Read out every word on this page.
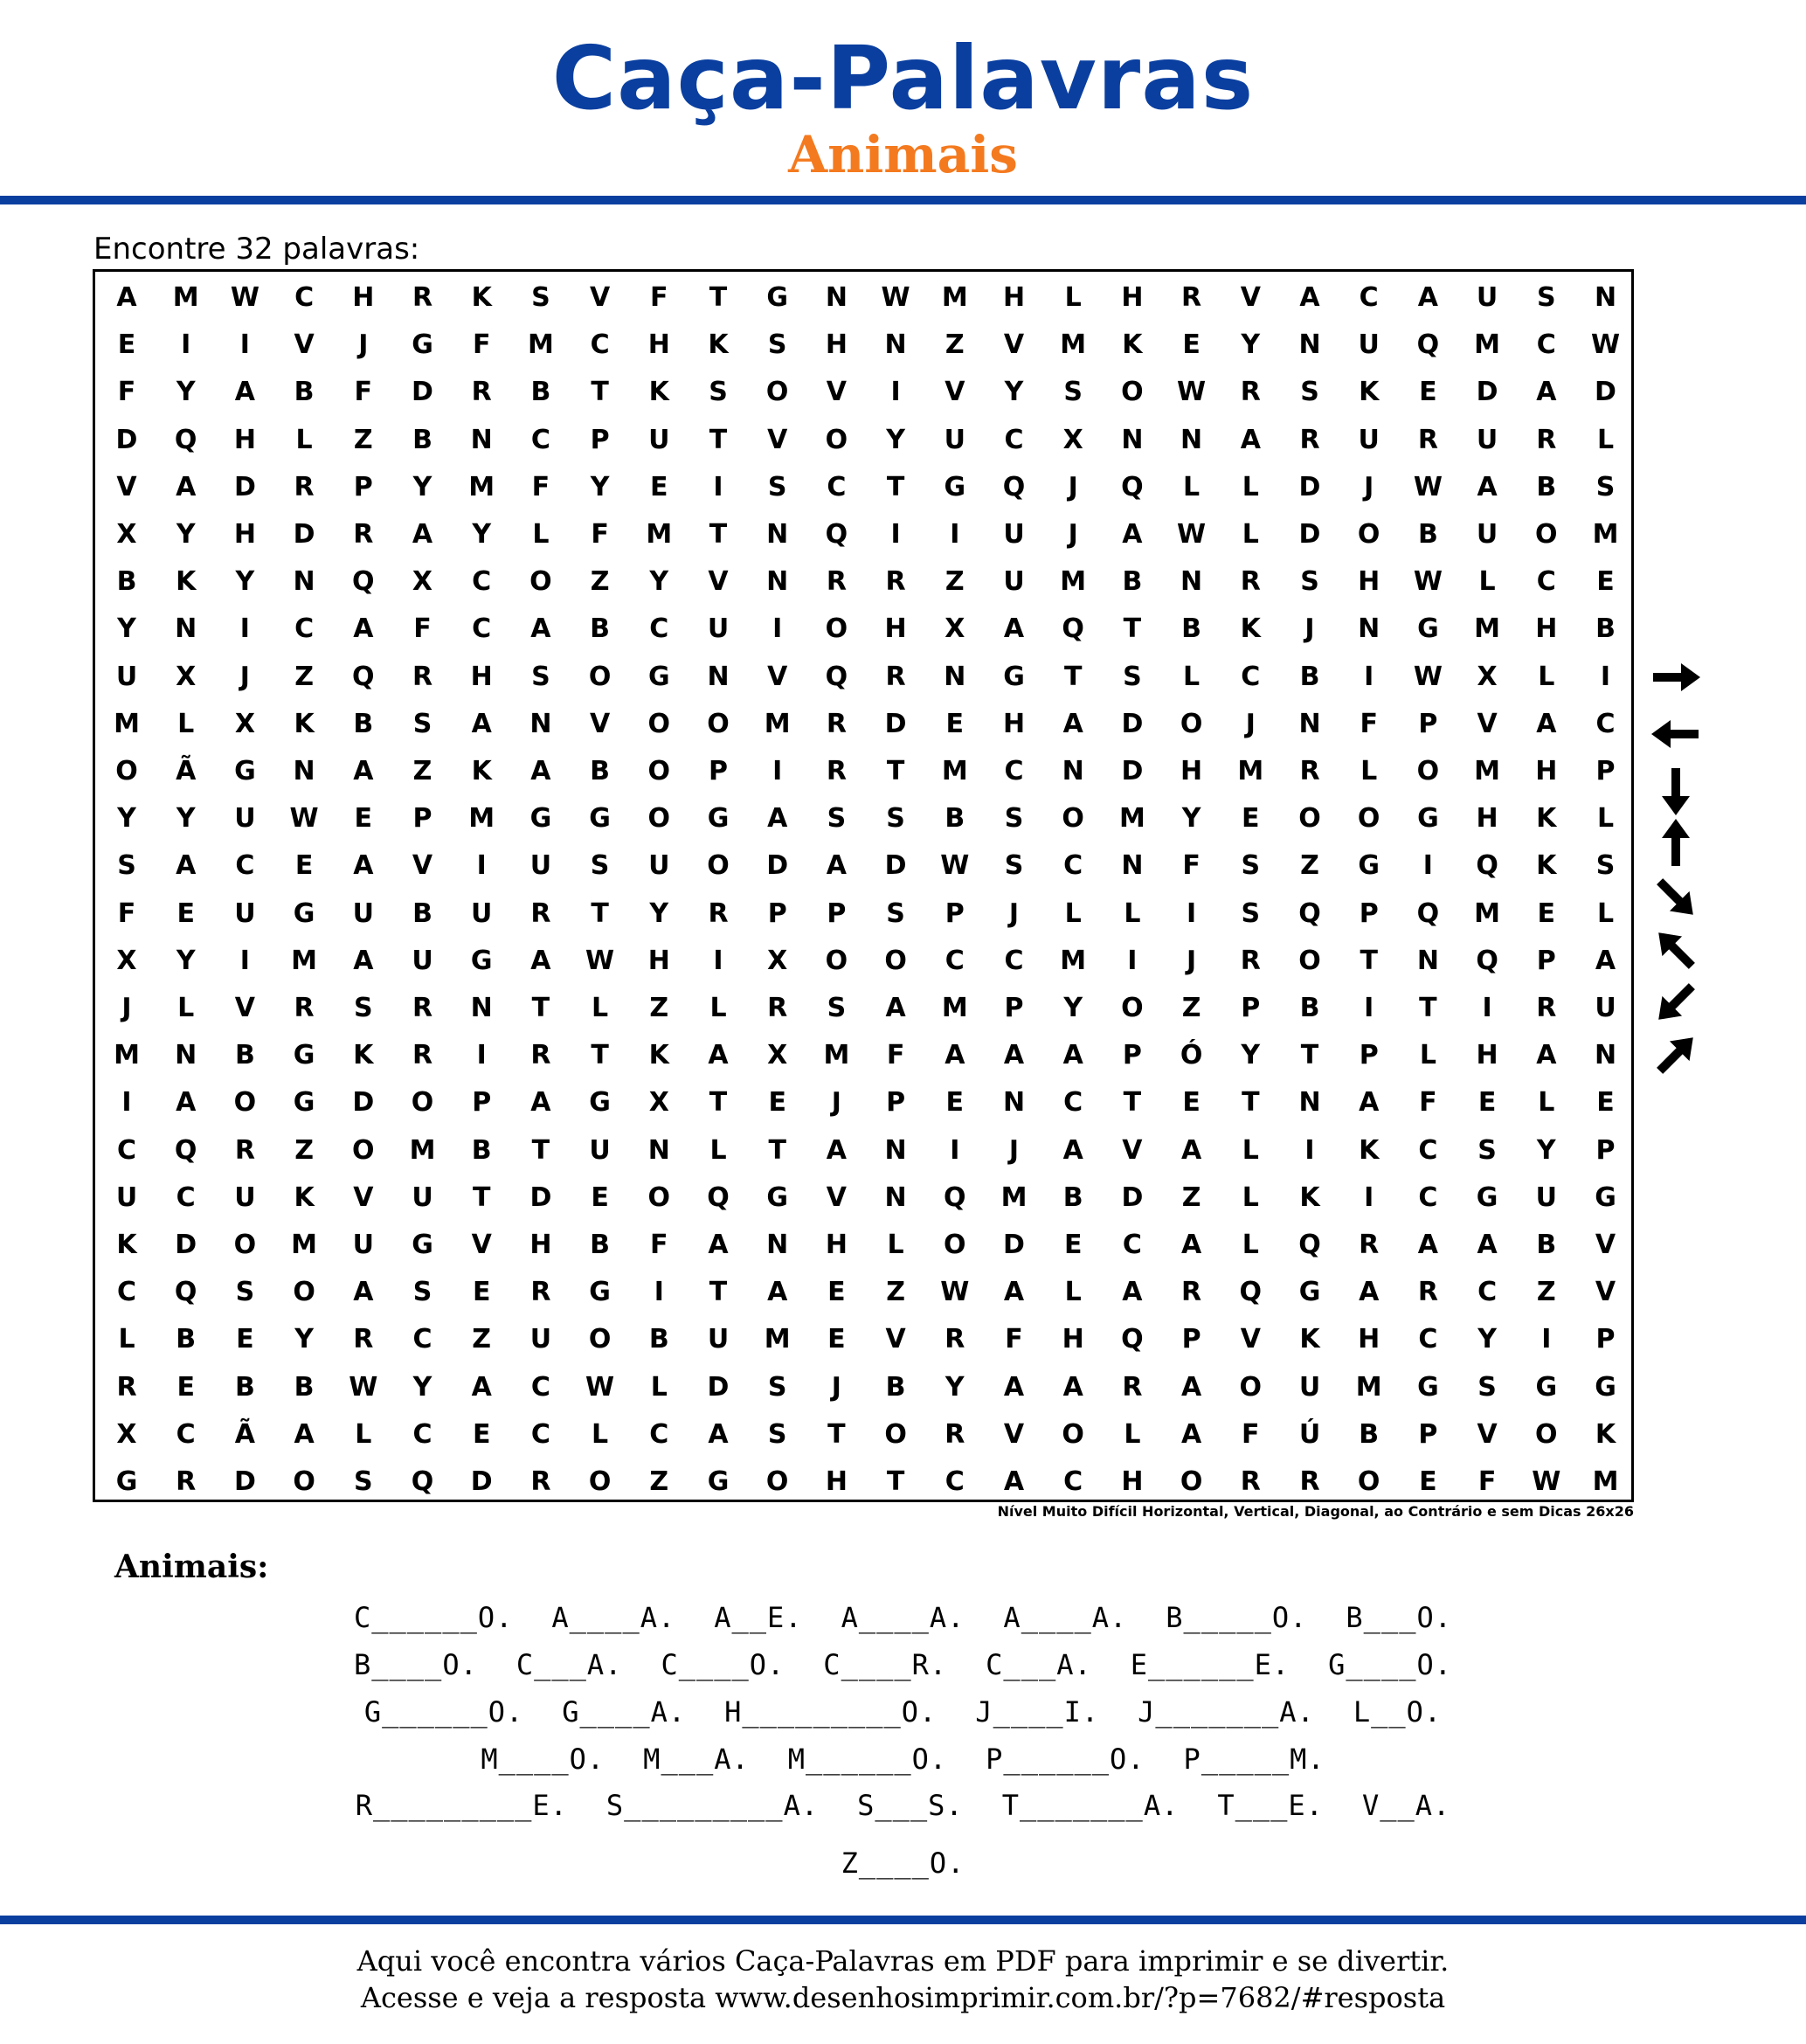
Caça-Palavras
Animais
Encontre 32 palavras:
A M W C H R K	S	V	F	T	G N W M H	L	H R V A C A U	S	N
E	I	I	V	J	G	F	M C H K	S	H N	Z	V M K	E	Y	N U Q M C W
F	Y	A B	F	D R B	T	K	S	O V	I	V	Y	S	O W R	S	K	E	D A D
D Q H	L	Z	B N C	P	U	T	V O	Y	U C X N N A R U R U R	L
V A D R	P	Y	M	F	Y	E	I	S	C	T	G Q	J	Q	L	L	D	J	W A B	S
X	Y	H D R A	Y	L	F	M	T	N Q	I	I	U	J	A W	L	D O B U O M
B K	Y	N Q X C O	Z	Y	V N R R	Z	U M B N R	S	H W	L	C	E
Y	N	I	C A	F	C A B C U	I	O H X A Q	T	B K	J	N G M H B
U X	J	Z	Q R H	S	O G N V Q R N G	T	S	L	C B	I	W X	L	I
M	L	X K B	S	A N V O O M R D	E	H A D O	J	N	F	P	V A C
O Ã G N A	Z	K A B O	P	I	R	T	M C N D H M R	L	O M H	P
Y	Y	U W	E	P	M G G O G A	S	S	B	S	O M	Y	E	O O G H K	L
S	A C	E	A V	I	U	S	U O D A D W	S	C N	F	S	Z	G	I	Q K	S
F	E	U G U B U R	T	Y	R	P	P	S	P	J	L	L	I	S	Q	P	Q M	E	L
X	Y	I	M A U G A W H	I	X O O C C M	I	J	R O	T	N Q	P	A
J	L	V R	S	R N	T	L	Z	L	R	S	A M	P	Y	O	Z	P	B	I	T	I	R U
M N B G K R	I	R	T	K A X M	F	A A A	P	Ó	Y	T	P	L	H A N
I	A O G D O	P	A G X	T	E	J	P	E	N C	T	E	T	N A	F	E	L	E
C Q R	Z	O M B	T	U N	L	T	A N	I	J	A V A	L	I	K C	S	Y	P
U C U K V U	T	D	E	O Q G V N Q M B D	Z	L	K	I	C G U G
K D O M U G V H B	F	A N H	L	O D	E	C A	L	Q R A A B V
C Q	S	O A	S	E	R G	I	T	A	E	Z	W A	L	A R Q G A R C	Z	V
L	B	E	Y	R C	Z	U O B U M	E	V R	F	H Q	P	V K H C	Y	I	P
R	E	B B W	Y	A C W	L	D	S	J	B	Y	A A R A O U M G	S	G G
X C Ã A	L	C	E	C	L	C A	S	T	O R V O	L	A	F	Ú B	P	V O K
G R D O	S	Q D R O	Z	G O H	T	C A C H O R R O	E	F	W M
Nível Muito Difícil Horizontal, Vertical, Diagonal, ao Contrário e sem Dicas 26x26
Animais:
C______O. A____A. A__E. A____A. A____A. B_____O. B___O.
B____O. C___A. C____O. C____R. C___A. E______E. G____O.
G______O. G____A. H_________O. J____I. J_______A. L__O.
M____O. M___A. M______O. P______O. P_____M.
R_________E. S_________A. S___S. T_______A. T___E. V__A.
Z____O.
Aqui você encontra vários Caça-Palavras em PDF para imprimir e se divertir.
Acesse e veja a resposta www.desenhosimprimir.com.br/?p=7682/#resposta
